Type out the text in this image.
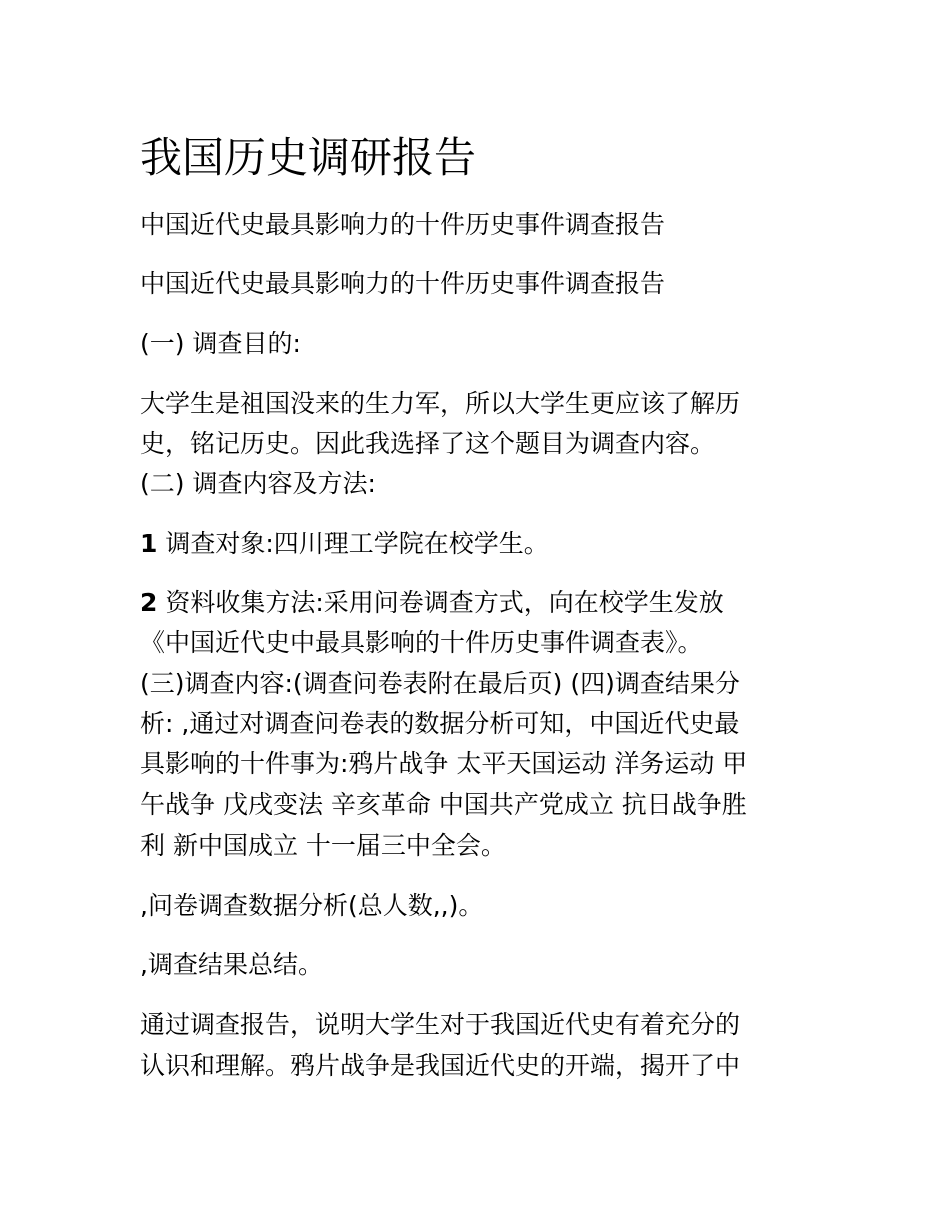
我国历史调研报告

中国近代史最具影响力的十件历史事件调查报告

中国近代史最具影响力的十件历史事件调查报告

(一) 调查目的:

大学生是祖国没来的生力军，所以大学生更应该了解历

史，铭记历史。因此我选择了这个题目为调查内容。

(二) 调查内容及方法:

1 调查对象:四川理工学院在校学生。

2 资料收集方法:采用问卷调查方式，向在校学生发放

《中国近代史中最具影响的十件历史事件调查表》。

(三)调查内容:(调查问卷表附在最后页) (四)调查结果分

析: ,通过对调查问卷表的数据分析可知，中国近代史最

具影响的十件事为:鸦片战争 太平天国运动 洋务运动 甲

午战争 戊戌变法 辛亥革命 中国共产党成立 抗日战争胜

利 新中国成立 十一届三中全会。

,问卷调查数据分析(总人数,,)。

,调查结果总结。

通过调查报告，说明大学生对于我国近代史有着充分的

认识和理解。鸦片战争是我国近代史的开端，揭开了中
